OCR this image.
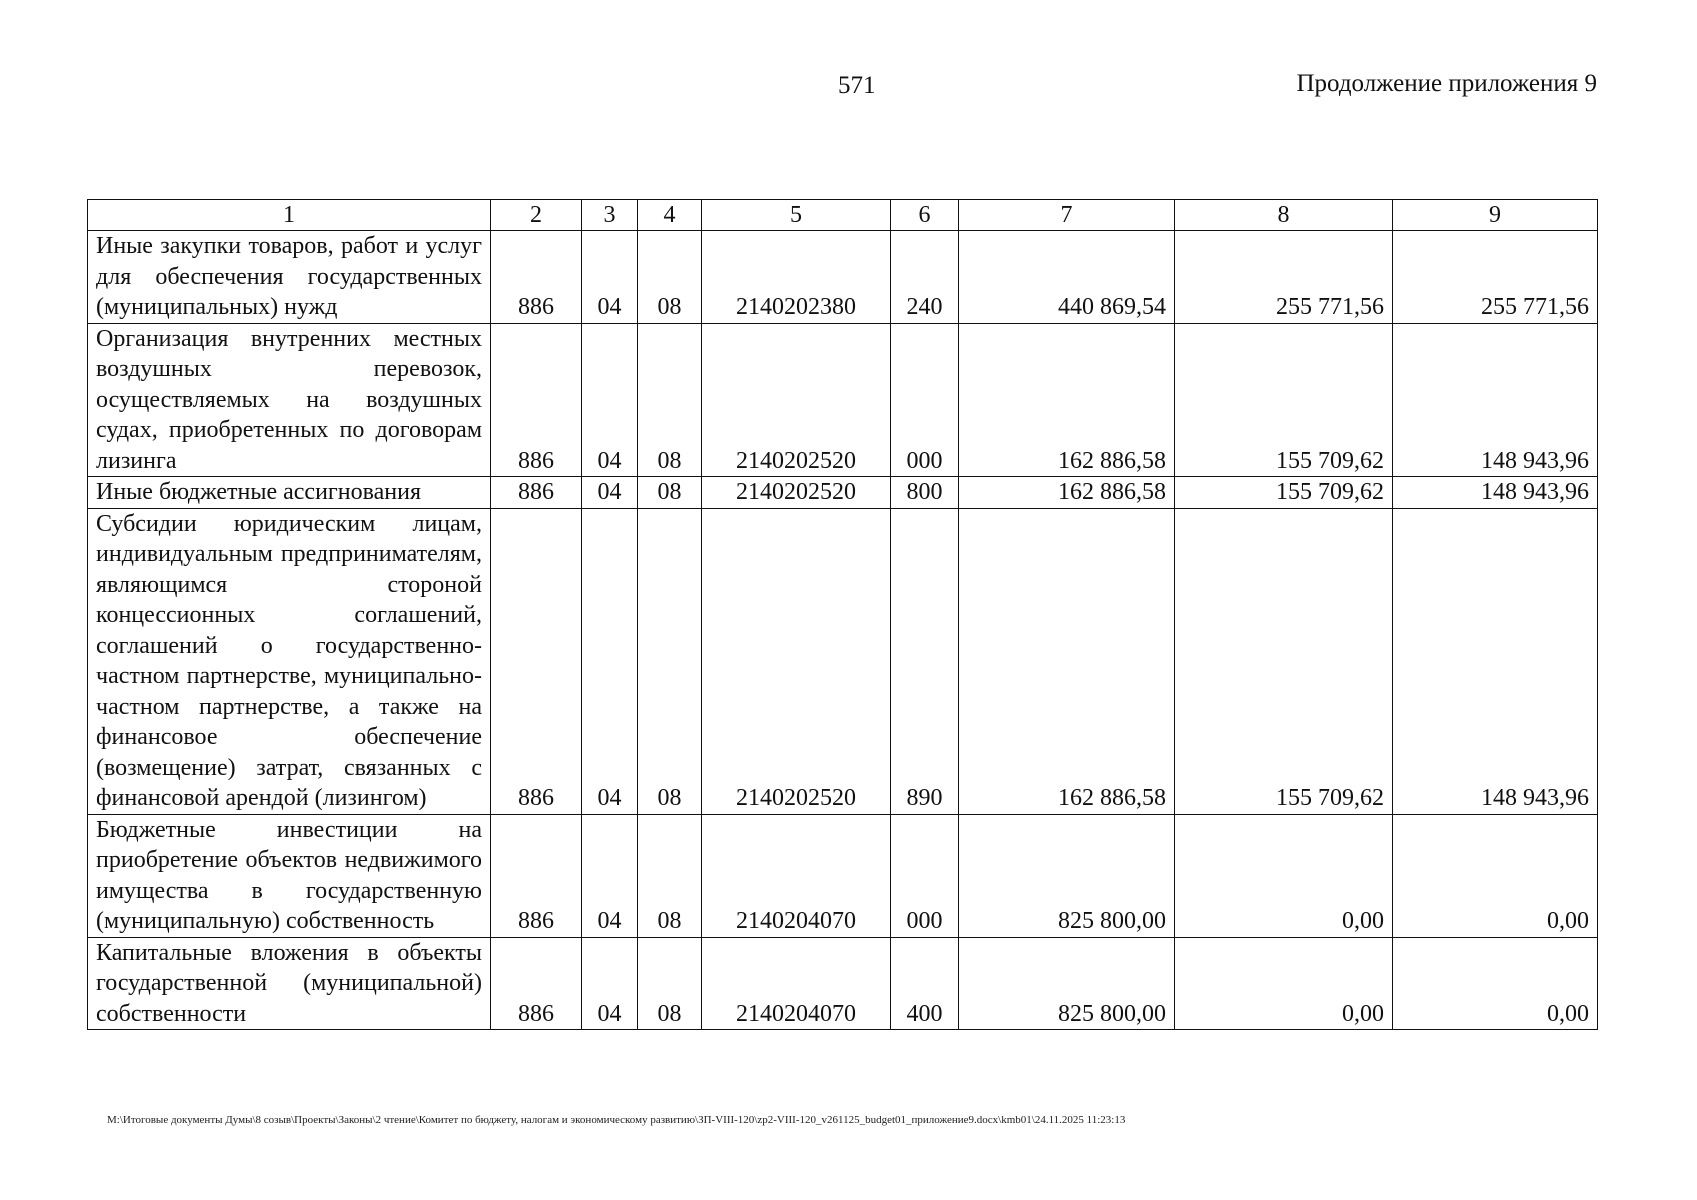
571	Продолжение приложения 9
1	2	3	4	5	6	7	8	9
Иные закупки товаров, работ и услуг для обеспечения государственных (муниципальных) нужд	886	04	08	2140202380	240	440 869,54	255 771,56	255 771,56
Организация внутренних местных воздушных перевозок, осуществляемых на воздушных судах, приобретенных по договорам лизинга	886	04	08	2140202520	000	162 886,58	155 709,62	148 943,96
Иные бюджетные ассигнования	886	04	08	2140202520	800	162 886,58	155 709,62	148 943,96
Субсидии юридическим лицам, индивидуальным предпринимателям, являющимся стороной концессионных соглашений, соглашений о государственно-частном партнерстве, муниципально-частном партнерстве, а также на финансовое обеспечение (возмещение) затрат, связанных с финансовой арендой (лизингом)	886	04	08	2140202520	890	162 886,58	155 709,62	148 943,96
Бюджетные инвестиции на приобретение объектов недвижимого имущества в государственную (муниципальную) собственность	886	04	08	2140204070	000	825 800,00	0,00	0,00
Капитальные вложения в объекты государственной (муниципальной) собственности	886	04	08	2140204070	400	825 800,00	0,00	0,00
M:\Итоговые документы Думы\8 созыв\Проекты\Законы\2 чтение\Комитет по бюджету, налогам и экономическому развитию\ЗП-VIII-120\zp2-VIII-120_v261125_budget01_приложение9.docx\kmb01\24.11.2025 11:23:13
